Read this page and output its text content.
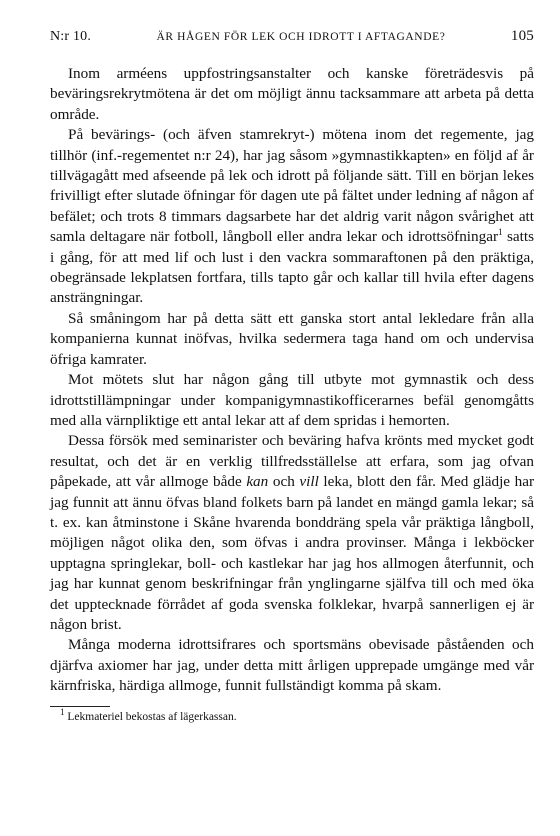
N:r 10.	ÄR HÅGEN FÖR LEK OCH IDROTT I AFTAGANDE?	105

Inom arméens uppfostringsanstalter och kanske företrädesvis på beväringsrekrytmötena är det om möjligt ännu tacksammare att arbeta på detta område.

På bevärings- (och äfven stamrekryt-) mötena inom det regemente, jag tillhör (inf.-regementet n:r 24), har jag såsom »gymnastikkapten» en följd af år tillvägagått med afseende på lek och idrott på följande sätt. Till en början lekes frivilligt efter slutade öfningar för dagen ute på fältet under ledning af någon af befälet; och trots 8 timmars dagsarbete har det aldrig varit någon svårighet att samla deltagare när fotboll, långboll eller andra lekar och idrottsöfningar$^1$ satts i gång, för att med lif och lust i den vackra sommaraftonen på den präktiga, obegränsade lekplatsen fortfara, tills tapto går och kallar till hvila efter dagens ansträngningar.

Så småningom har på detta sätt ett ganska stort antal lekledare från alla kompanierna kunnat inöfvas, hvilka sedermera taga hand om och undervisa öfriga kamrater.

Mot mötets slut har någon gång till utbyte mot gymnastik och dess idrottstillämpningar under kompanigymnastikofficerarnes befäl genomgåtts med alla värnpliktige ett antal lekar att af dem spridas i hemorten.

Dessa försök med seminarister och beväring hafva krönts med mycket godt resultat, och det är en verklig tillfredsställelse att erfara, som jag ofvan påpekade, att vår allmoge både kan och vill leka, blott den får. Med glädje har jag funnit att ännu öfvas bland folkets barn på landet en mängd gamla lekar; så t. ex. kan åtminstone i Skåne hvarenda bonddräng spela vår präktiga långboll, möjligen något olika den, som öfvas i andra provinser. Många i lekböcker upptagna springlekar, boll- och kastlekar har jag hos allmogen återfunnit, och jag har kunnat genom beskrifningar från ynglingarne själfva till och med öka det upptecknade förrådet af goda svenska folklekar, hvarpå sannerligen ej är någon brist.

Många moderna idrottsifrares och sportsmäns obevisade påståenden och djärfva axiomer har jag, under detta mitt årligen upprepade umgänge med vår kärnfriska, härdiga allmoge, funnit fullständigt komma på skam.

$^1$ Lekmateriel bekostas af lägerkassan.
